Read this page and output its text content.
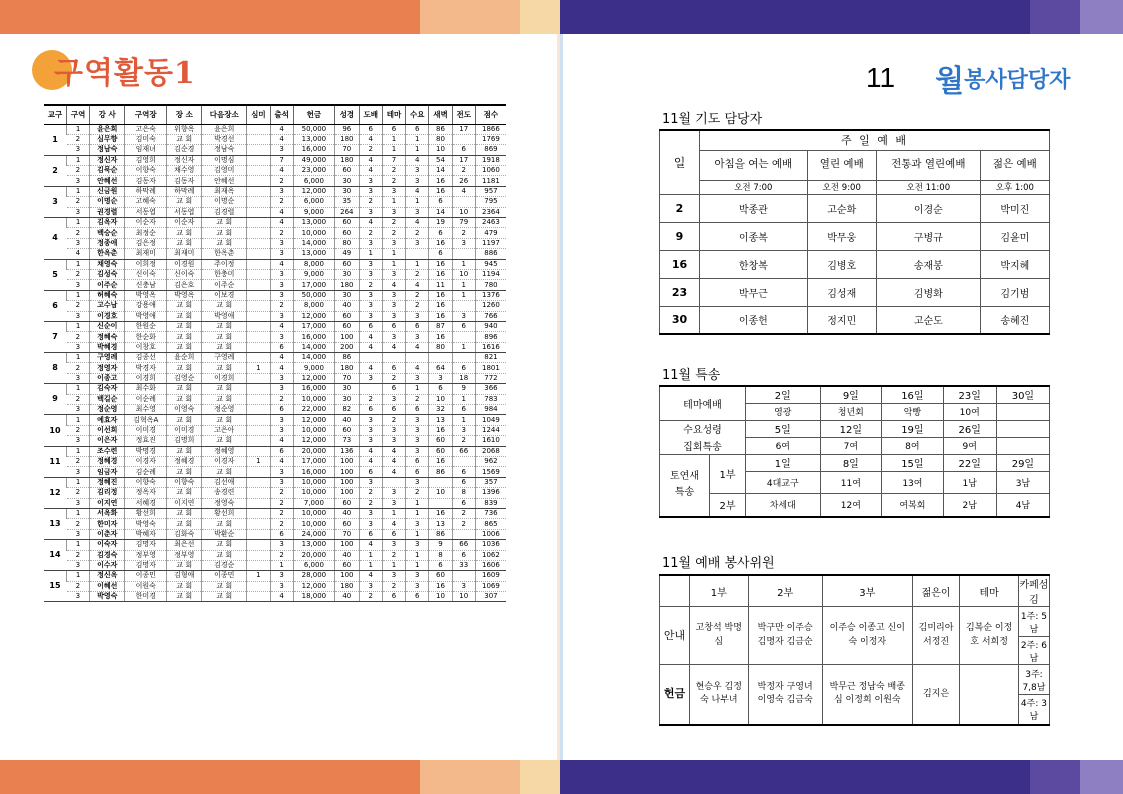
구역활동1
교구	구역	강 사	구역장	장 소	다음장소	심미	출석	헌금	성경	도배	테마	수요	새벽	전도	점수
1	1	윤은희	고은숙	위향옥	윤은희		4	50,000	96	6	6	6	86	17	1866
	2	심무향	김미숙	교 회	박경선		4	13,000	180	4	1	1	80		1769
	3	정남숙	임재녀	김순경	정남숙		3	16,000	70	2	1	1	10	6	869
2	1	정신자	김영희	정신자	이명심		7	49,000	180	4	7	4	54	17	1918
	2	김묵순	이향숙	채수영	김영미		4	23,000	60	4	2	3	14	2	1060
	3	안혜선	김동자	김동자	안혜선		2	6,000	30	3	2	3	16	26	1181
3	1	신금원	하막례	하막례	최재옥		3	12,000	30	3	3	4	16	4	957
	2	이명순	고혜숙	교 회	이명순		2	6,000	35	2	1	1	6		795
	3	권경렬	서동엽	서동엽	김경렬		4	9,000	264	3	3	3	14	10	2364
4	1	김옥자	이순자	이순자	교 회		4	13,000	60	4	2	4	19	79	2463
	2	백승순	최정순	교 회	교 회		2	10,000	60	2	2	2	6	2	479
	3	정종애	김은정	교 회	교 회		3	14,000	80	3	3	3	16	3	1197
	4	한옥춘	최재미	최재미	한옥춘		3	13,000	49	1	1		6		886
5	1	채영숙	이희정	이경원	주이정		4	8,000	60	3	1	1	16	1	945
	2	김성숙	신이숙	신이숙	한충미		3	9,000	30	3	3	2	16	10	1194
	3	이주순	신충남	김은호	이주순		3	17,000	180	2	4	4	11	1	780
6	1	허혜숙	박영옥	박영옥	이보경		3	50,000	30	3	3	2	16	1	1376
	2	고수남	강용애	교 회	교 회		2	8,000	40	3	3	2	16		1260
	3	이경호	박영애	교 회	박영애		3	12,000	60	3	3	3	16	3	766
7	1	신순이	한원순	교 회	교 회		4	17,000	60	6	6	6	87	6	940
	2	정혜숙	한순화	교 회	교 회		3	16,000	100	4	3	3	16		896
	3	박혜경	이창호	교 회	교 회		6	14,000	200	4	4	4	80	1	1616
8	1	구영례	김종선	윤순희	구영례		4	14,000	86						821
	2	정영자	박경자	교 회	교 회	1	4	9,000	180	4	6	4	64	6	1801
	3	이종고	이경희	김영순	이경희		3	12,000	70	3	2	3	3	18	772
9	1	김숙자	최수화	교 회	교 회		3	16,000	30		6	1	6	9	366
	2	백길순	이순례	교 회	교 회		2	10,000	30	2	3	2	10	1	783
	3	정순영	최수영	이영숙	정순영		6	22,000	82	6	6	6	32	6	984
10	1	예효자	김혁옥A	교 회	교 회		3	12,000	40	3	2	3	13	1	1049
	2	이선희	이미경	이미경	고은아		3	10,000	60	3	3	3	16	3	1244
	3	이은자	정효진	김명희	교 회		4	12,000	73	3	3	3	60	2	1610
11	1	조수련	박명경	교 회	정혜영		6	20,000	136	4	4	3	60	66	2068
	2	정혜경	이경자	정혜경	이경자	1	4	17,000	100	4	4	6	16		962
	3	임금자	김순례	교 회	교 회		3	16,000	100	6	4	6	86	6	1569
12	1	정혜진	이향숙	이향숙	김선애		3	10,000	100	3		3		6	357
	2	김리정	정옥자	교 회	송경련		2	10,000	100	2	3	2	10	8	1396
	3	이지연	서혜경	이지연	정영숙		2	7,000	60	2	3	1		6	839
13	1	서옥화	황선희	교 회	황선희		2	10,000	40	3	1	1	16	2	736
	2	한미자	박영숙	교 회	교 회		2	10,000	60	3	4	3	13	2	865
	3	이춘자	박혜자	김화숙	박환순		6	24,000	70	6	6	1	86		1006
14	1	이숙자	김명자	최은선	교 회		3	13,000	100	4	3	3	9	66	1036
	2	김경숙	정부영	정부영	교 회		2	20,000	40	1	2	1	8	6	1062
	3	이수자	김명자	교 회	김경순		1	6,000	60	1	1	1	6	33	1606
15	1	정신옥	이종민	김형애	이종민	1	3	28,000	100	4	3	3	60		1609
	2	이혜선	이원숙	교 회	교 회		3	12,000	180	3	2	3	16	3	1069
	3	박영숙	한미경	교 회	교 회		4	18,000	40	2	6	6	10	10	307
11 월 봉사담당자
11월 기도 담당자
일	주 일 예 배			
	아침을 여는 예배	열린 예배	전통과 열린예배	젊은 예배
	오전 7:00	오전 9:00	오전 11:00	오후 1:00
2	박종관	고순화	이경순	박미진
9	이종복	박무웅	구병규	김윤미
16	한창복	김병호	송재봉	박지혜
23	박무근	김성재	김병화	김기범
30	이종헌	정지민	고순도	송혜진
11월 특송
테마예배		2일	9일	16일	23일	30일
		영광	청년회	악빵	10여	
수요성령		5일	12일	19일	26일	
집회특송		6여	7여	8여	9여	
토연새
특송	1부	1일	8일	15일	22일	29일
		4대교구	11여	13여	1남	3남
	2부	차세대	12여	여복회	2남	4남
11월 예배 봉사위원
	1부	2부	3부	젊은이	테마	카페섬김
안내	고창석 박명심	박구만 이주승 김명자 김금순	이주승 이종고 신이숙 이정자	김미리아 서정진	김복순 이정호 서희정	1주: 5남
						2주: 6남
헌금	현승우 김정숙 나부녀	박정자 구영녀 이영숙 김금숙	박무근 정남숙 배종심 이정희 이원숙	김지은		3주: 7,8남
						4주: 3남
